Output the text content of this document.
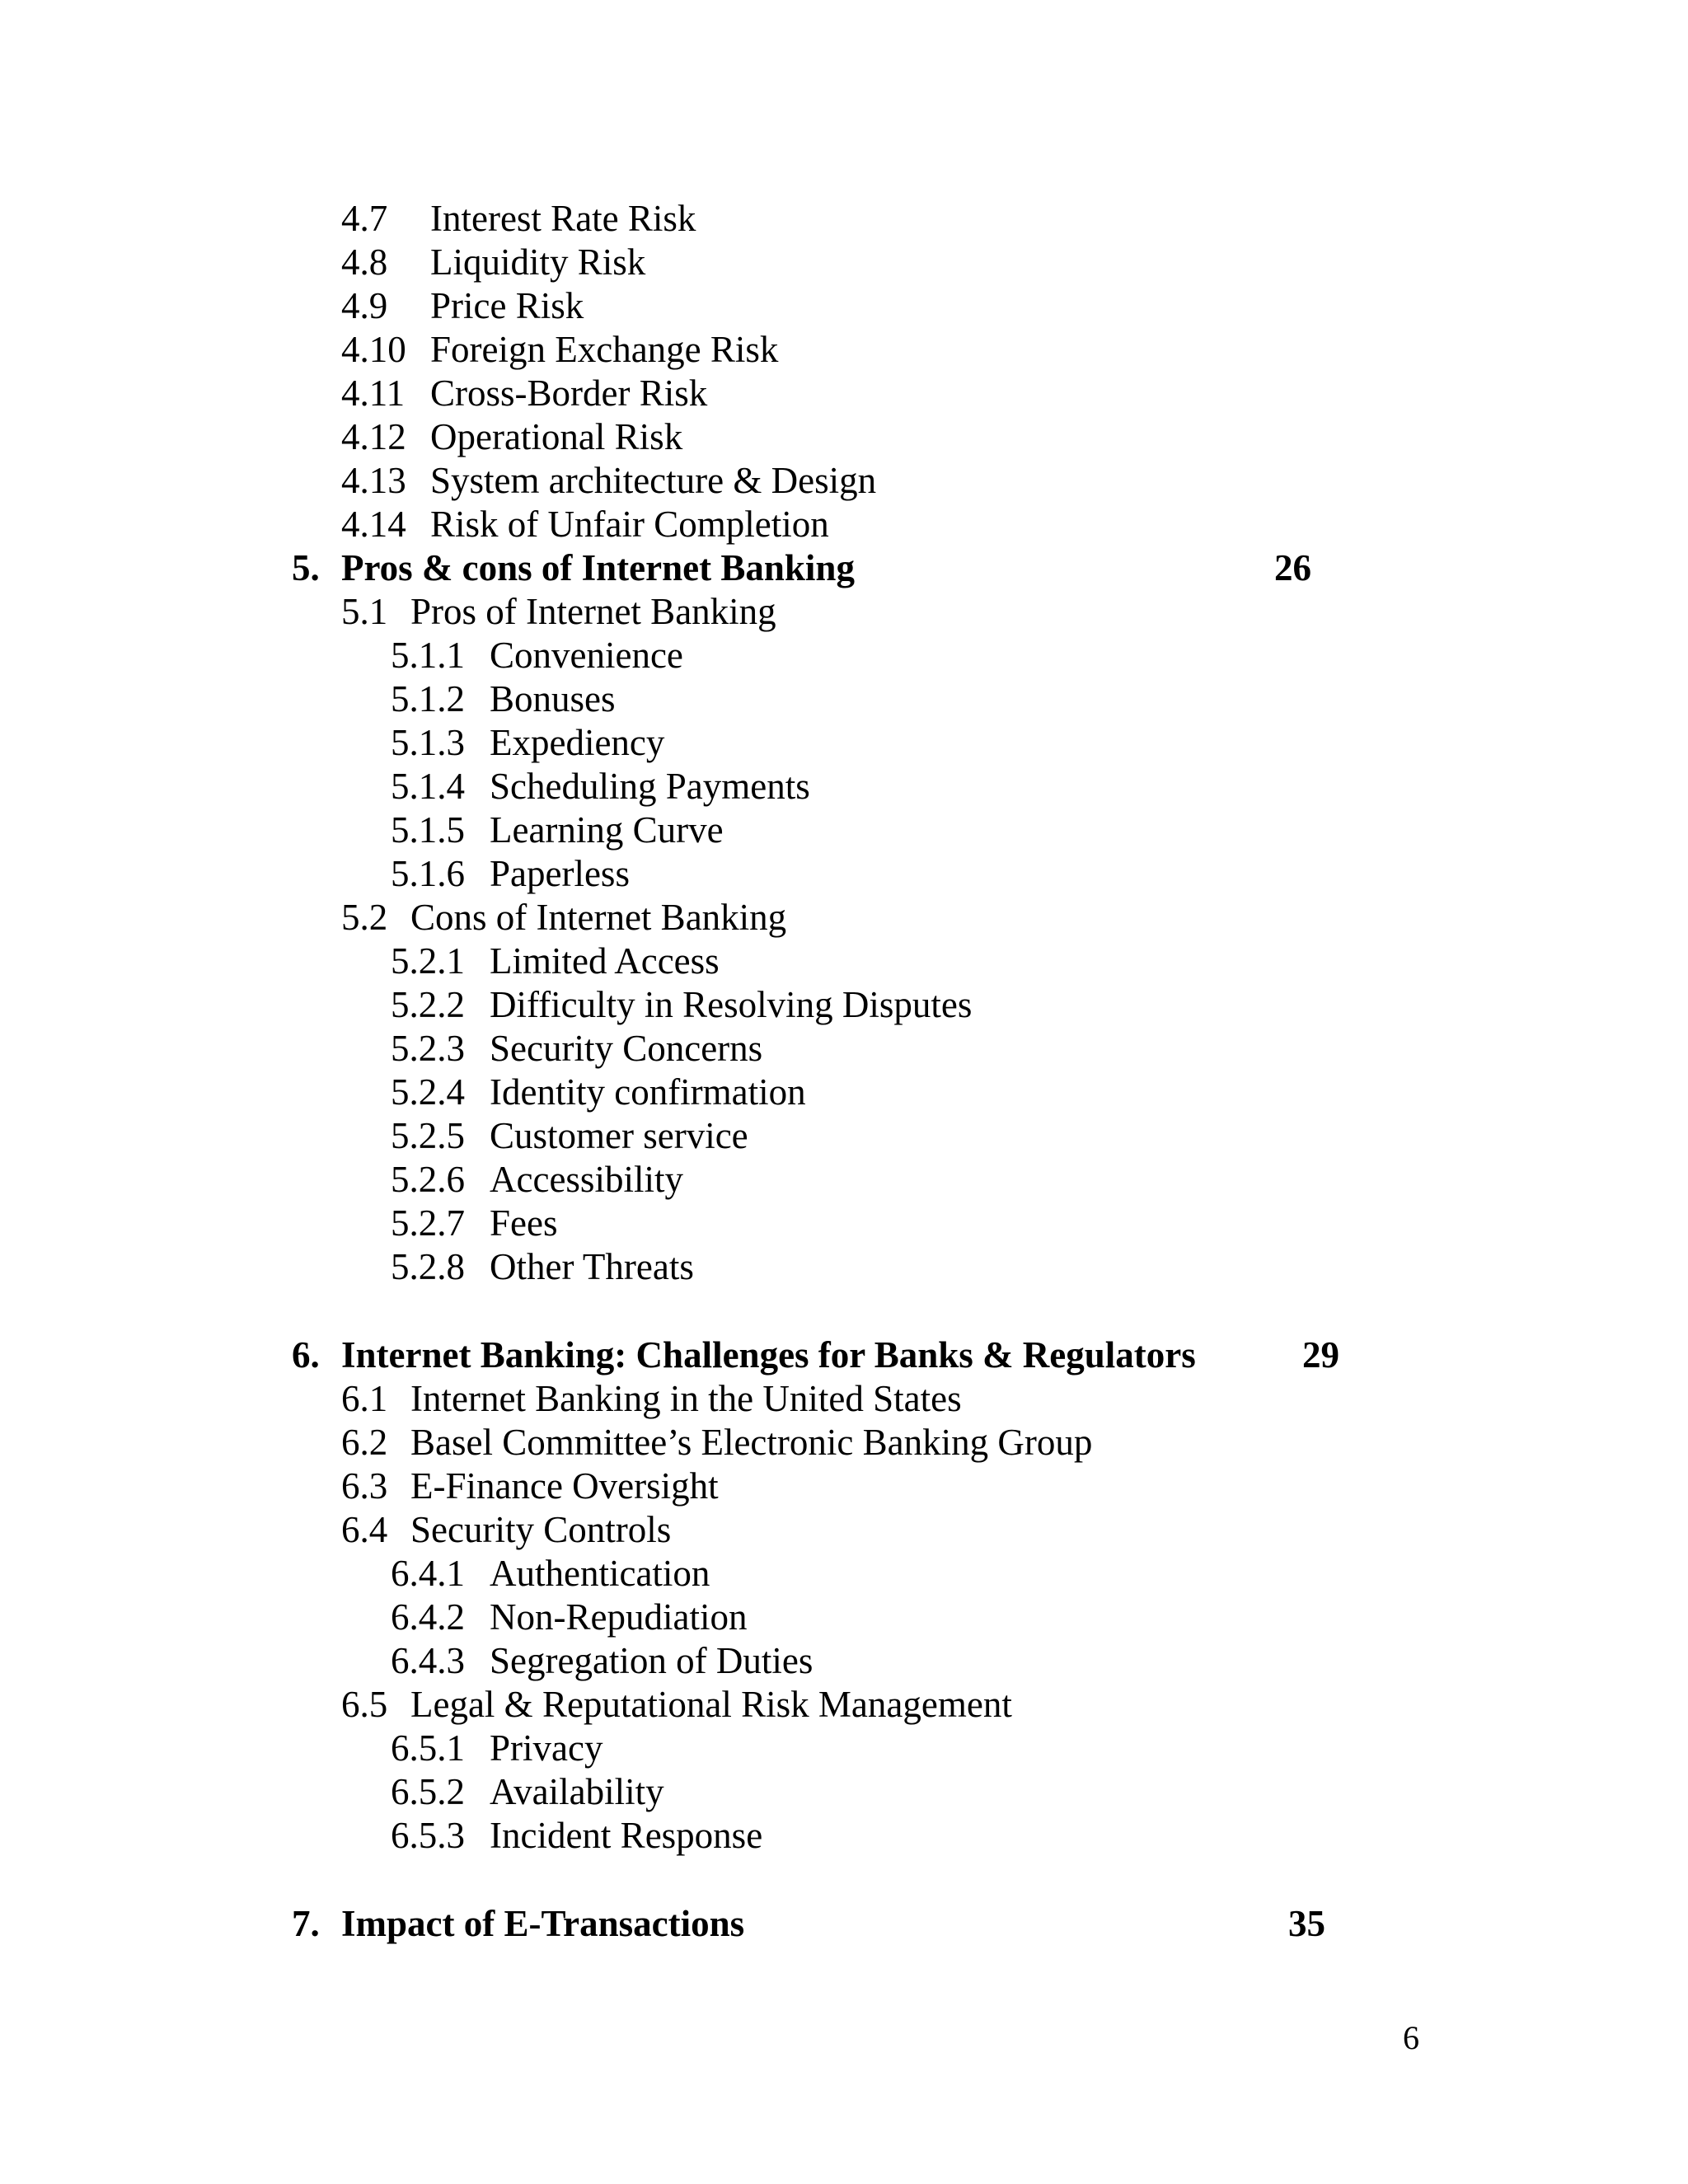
4.7 Interest Rate Risk
4.8 Liquidity Risk
4.9 Price Risk
4.10 Foreign Exchange Risk
4.11 Cross-Border Risk
4.12 Operational Risk
4.13 System architecture & Design
4.14 Risk of Unfair Completion
5. Pros & cons of Internet Banking	26
5.1 Pros of Internet Banking
5.1.1 Convenience
5.1.2 Bonuses
5.1.3 Expediency
5.1.4 Scheduling Payments
5.1.5 Learning Curve
5.1.6 Paperless
5.2 Cons of Internet Banking
5.2.1 Limited Access
5.2.2 Difficulty in Resolving Disputes
5.2.3 Security Concerns
5.2.4 Identity confirmation
5.2.5 Customer service
5.2.6 Accessibility
5.2.7 Fees
5.2.8 Other Threats
6. Internet Banking: Challenges for Banks & Regulators	29
6.1 Internet Banking in the United States
6.2 Basel Committee’s Electronic Banking Group
6.3 E-Finance Oversight
6.4 Security Controls
6.4.1 Authentication
6.4.2 Non-Repudiation
6.4.3 Segregation of Duties
6.5 Legal & Reputational Risk Management
6.5.1 Privacy
6.5.2 Availability
6.5.3 Incident Response
7. Impact of E-Transactions	35
6
